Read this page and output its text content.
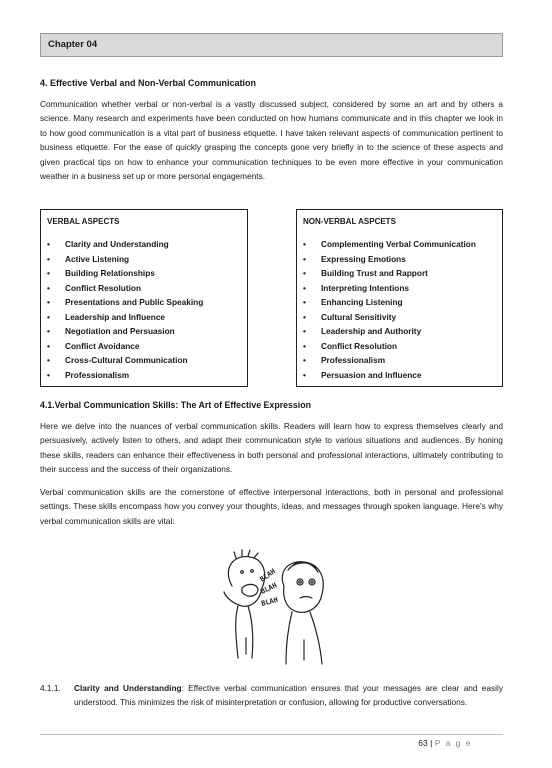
Chapter 04
4. Effective Verbal and Non-Verbal Communication

Communication whether verbal or non-verbal is a vastly discussed subject, considered by some an art and by others a science. Many research and experiments have been conducted on how humans communicate and in this chapter we look in to how good communication is a vital part of business etiquette. I have taken relevant aspects of communication pertinent to business etiquette. For the ease of quickly grasping the concepts gone very briefly in to the science of these aspects and given practical tips on how to enhance your communication techniques to be even more effective in your communication weather in a business set up or more personal engagements.

VERBAL ASPECTS
• Clarity and Understanding
• Active Listening
• Building Relationships
• Conflict Resolution
• Presentations and Public Speaking
• Leadership and Influence
• Negotiation and Persuasion
• Conflict Avoidance
• Cross-Cultural Communication
• Professionalism
NON-VERBAL ASPCETS
• Complementing Verbal Communication
• Expressing Emotions
• Building Trust and Rapport
• Interpreting Intentions
• Enhancing Listening
• Cultural Sensitivity
• Leadership and Authority
• Conflict Resolution
• Professionalism
• Persuasion and Influence
4.1.Verbal Communication Skills: The Art of Effective Expression

Here we delve into the nuances of verbal communication skills. Readers will learn how to express themselves clearly and persuasively, actively listen to others, and adapt their communication style to various situations and audiences. By honing these skills, readers can enhance their effectiveness in both personal and professional interactions, ultimately contributing to their success and the success of their organizations.

Verbal communication skills are the cornerstone of effective interpersonal interactions, both in personal and professional settings. These skills encompass how you convey your thoughts, ideas, and messages through spoken language. Here's why verbal communication skills are vital:

BLAH
BLAH
BLAH
4.1.1. Clarity and Understanding: Effective verbal communication ensures that your messages are clear and easily understood. This minimizes the risk of misinterpretation or confusion, allowing for productive conversations.
63 | P a g e
